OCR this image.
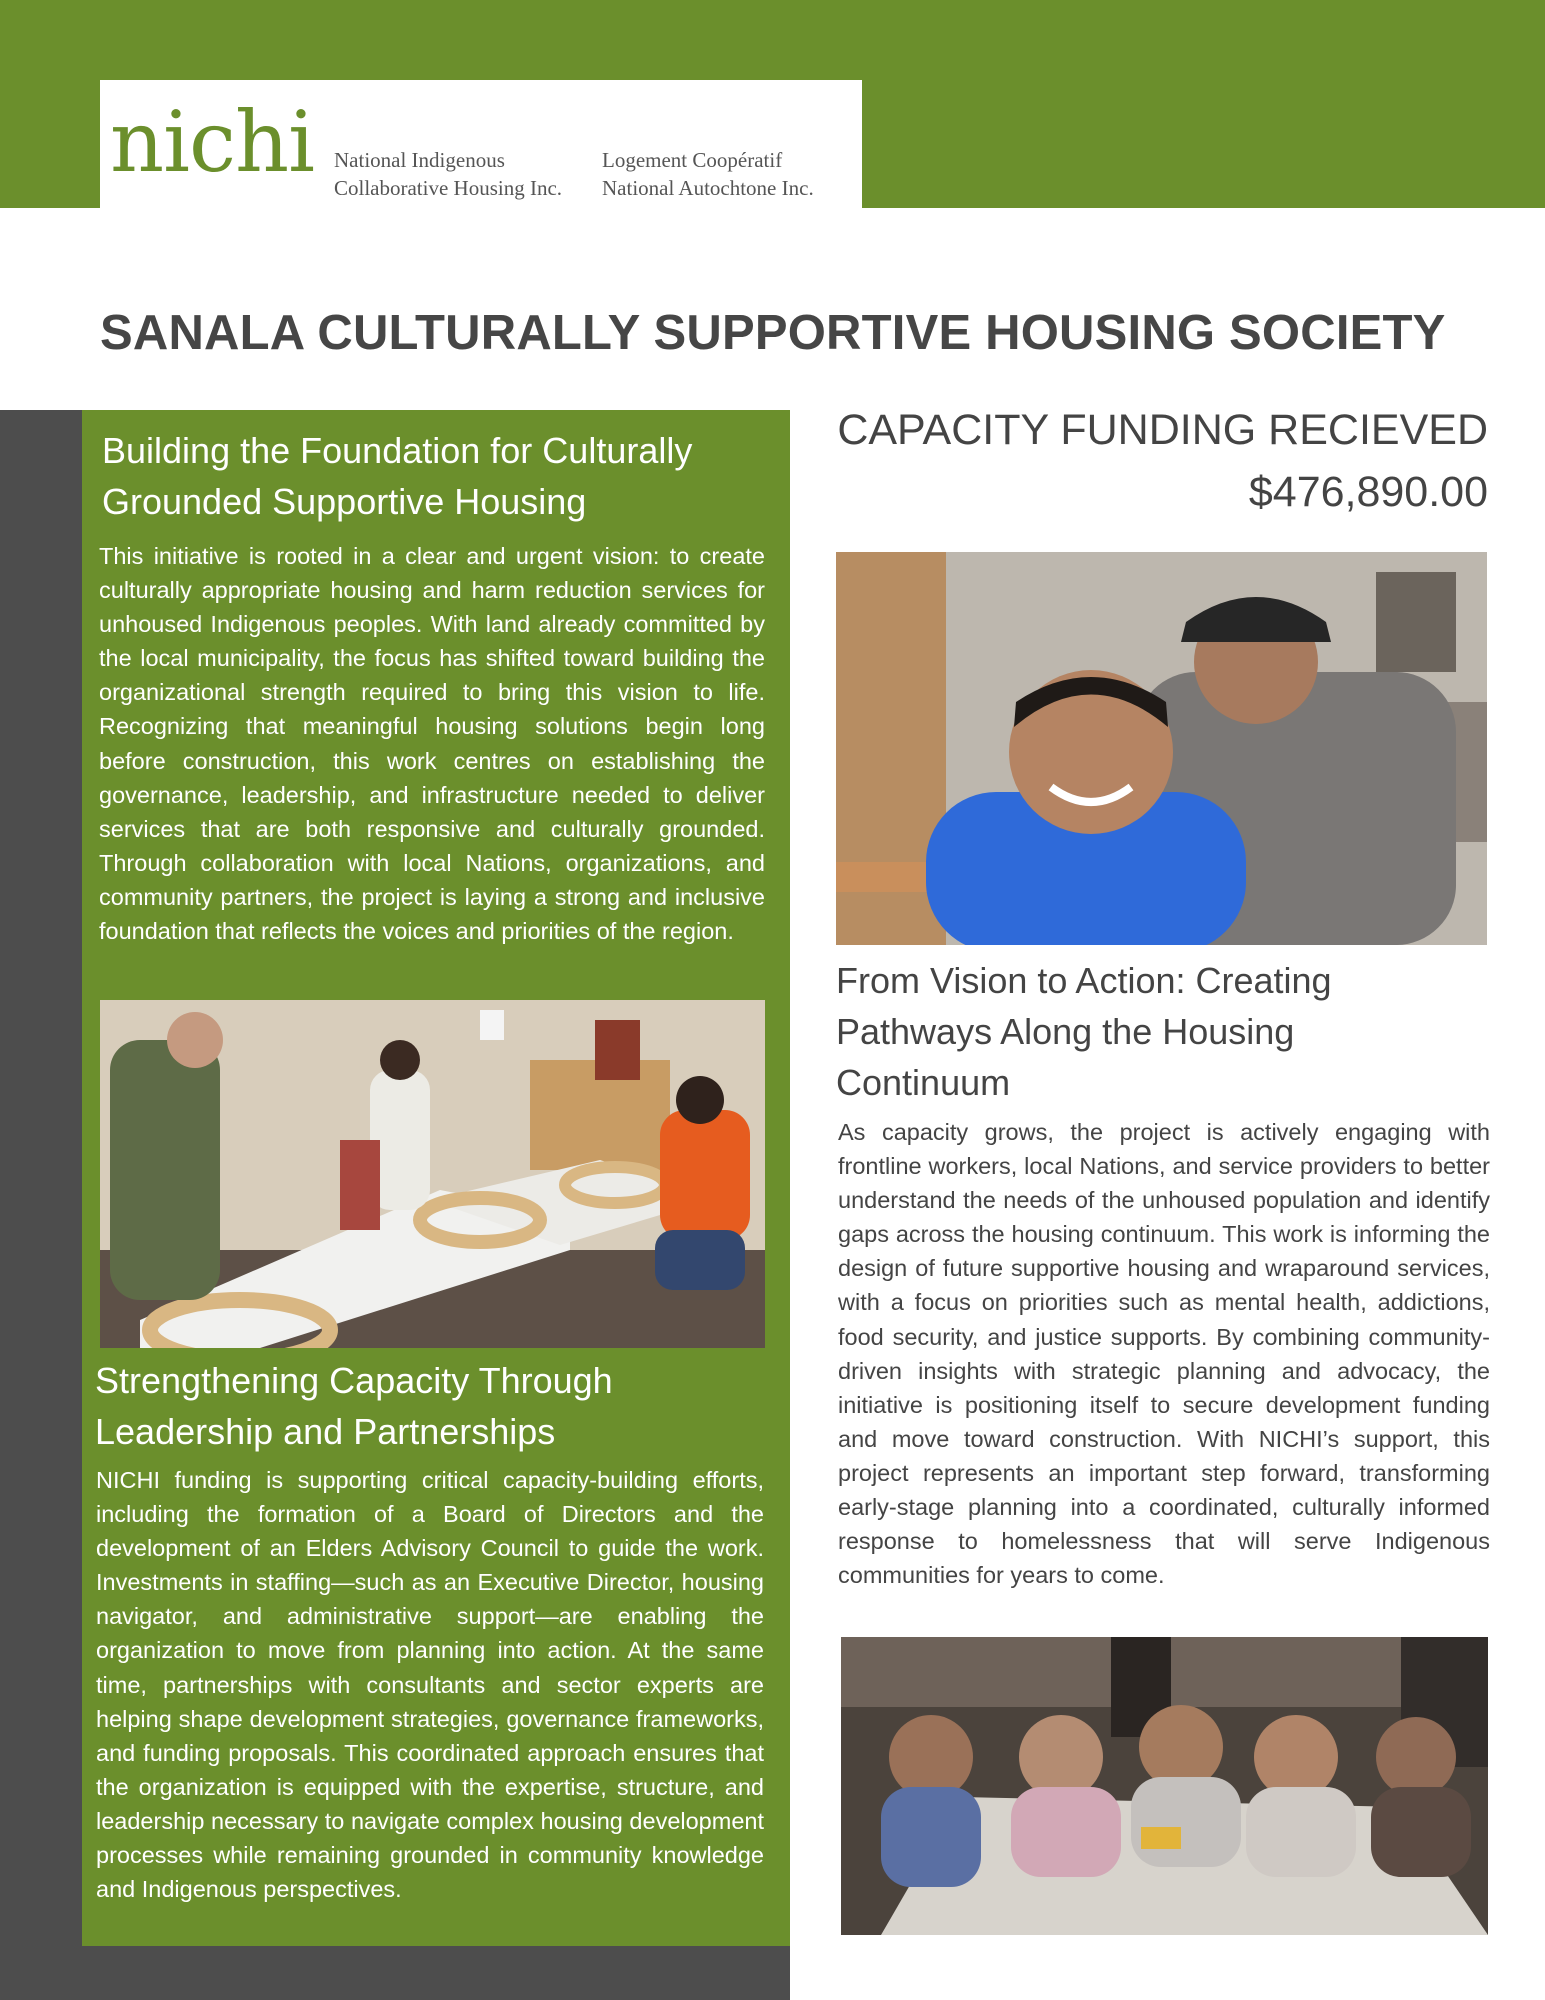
nichi National Indigenous
Collaborative Housing Inc.
Logement Coopératif
National Autochtone Inc.
SANALA CULTURALLY SUPPORTIVE HOUSING SOCIETY
Building the Foundation for Culturally Grounded Supportive Housing

This initiative is rooted in a clear and urgent vision: to create culturally appropriate housing and harm reduction services for unhoused Indigenous peoples. With land already committed by the local municipality, the focus has shifted toward building the organizational strength required to bring this vision to life. Recognizing that meaningful housing solutions begin long before construction, this work centres on establishing the governance, leadership, and infrastructure needed to deliver services that are both responsive and culturally grounded. Through collaboration with local Nations, organizations, and community partners, the project is laying a strong and inclusive foundation that reflects the voices and priorities of the region.

Strengthening Capacity Through Leadership and Partnerships

NICHI funding is supporting critical capacity-building efforts, including the formation of a Board of Directors and the development of an Elders Advisory Council to guide the work. Investments in staffing—such as an Executive Director, housing navigator, and administrative support—are enabling the organization to move from planning into action. At the same time, partnerships with consultants and sector experts are helping shape development strategies, governance frameworks, and funding proposals. This coordinated approach ensures that the organization is equipped with the expertise, structure, and leadership necessary to navigate complex housing development processes while remaining grounded in community knowledge and Indigenous perspectives.

CAPACITY FUNDING RECIEVED
$476,890.00
From Vision to Action: Creating Pathways Along the Housing Continuum

As capacity grows, the project is actively engaging with frontline workers, local Nations, and service providers to better understand the needs of the unhoused population and identify gaps across the housing continuum. This work is informing the design of future supportive housing and wraparound services, with a focus on priorities such as mental health, addictions, food security, and justice supports. By combining community-driven insights with strategic planning and advocacy, the initiative is positioning itself to secure development funding and move toward construction. With NICHI’s support, this project represents an important step forward, transforming early-stage planning into a coordinated, culturally informed response to homelessness that will serve Indigenous communities for years to come.
